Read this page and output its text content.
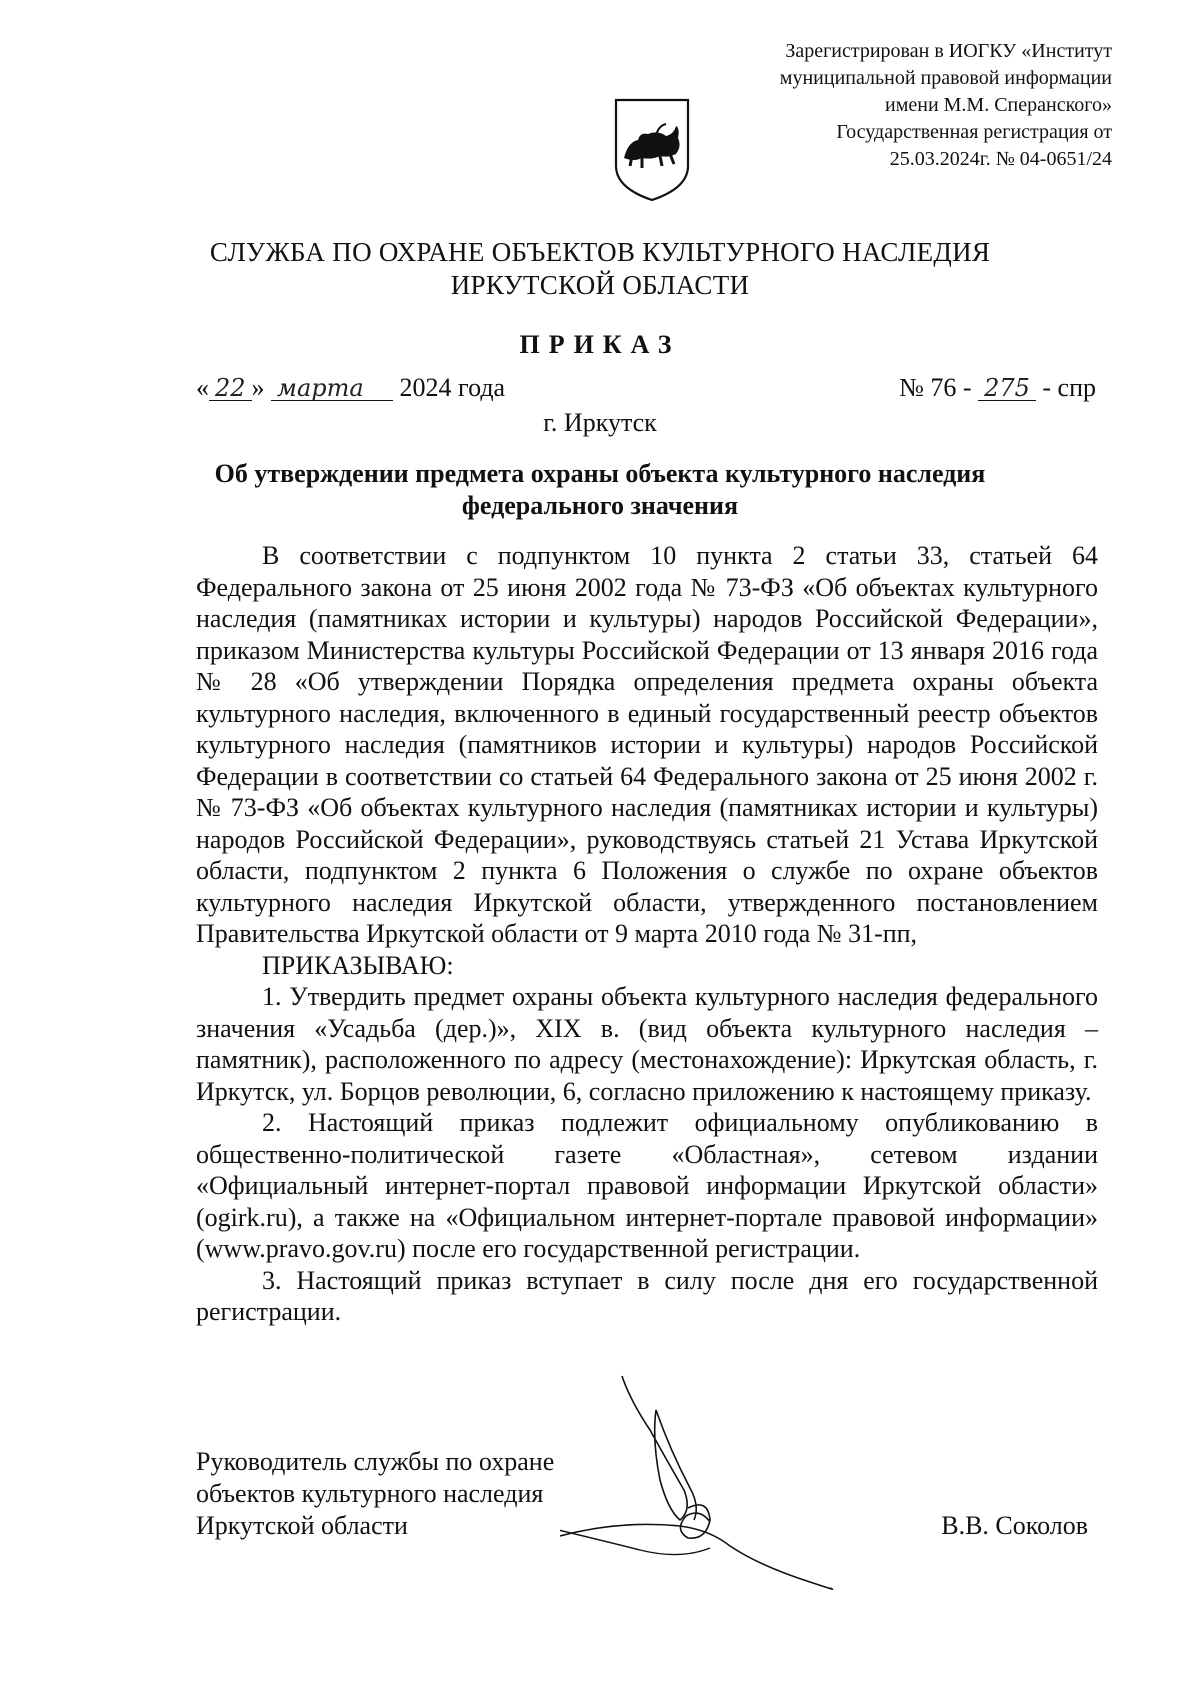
Зарегистрирован в ИОГКУ «Институт
муниципальной правовой информации
имени М.М. Сперанского»
Государственная регистрация от
25.03.2024г. № 04-0651/24
СЛУЖБА ПО ОХРАНЕ ОБЪЕКТОВ КУЛЬТУРНОГО НАСЛЕДИЯ
ИРКУТСКОЙ ОБЛАСТИ
ПРИКАЗ
« 22 » марта 2024 года	№ 76 - 275 - спр
г. Иркутск
Об утверждении предмета охраны объекта культурного наследия
федерального значения

В соответствии с подпунктом 10 пункта 2 статьи 33, статьей 64 Федерального закона от 25 июня 2002 года № 73-ФЗ «Об объектах культурного наследия (памятниках истории и культуры) народов Российской Федерации», приказом Министерства культуры Российской Федерации от 13 января 2016 года № 28 «Об утверждении Порядка определения предмета охраны объекта культурного наследия, включенного в единый государственный реестр объектов культурного наследия (памятников истории и культуры) народов Российской Федерации в соответствии со статьей 64 Федерального закона от 25 июня 2002 г. № 73-ФЗ «Об объектах культурного наследия (памятниках истории и культуры) народов Российской Федерации», руководствуясь статьей 21 Устава Иркутской области, подпунктом 2 пункта 6 Положения о службе по охране объектов культурного наследия Иркутской области, утвержденного постановлением Правительства Иркутской области от 9 марта 2010 года № 31-пп,

ПРИКАЗЫВАЮ:

1. Утвердить предмет охраны объекта культурного наследия федерального значения «Усадьба (дер.)», XIX в. (вид объекта культурного наследия – памятник), расположенного по адресу (местонахождение): Иркутская область, г. Иркутск, ул. Борцов революции, 6, согласно приложению к настоящему приказу.

2. Настоящий приказ подлежит официальному опубликованию в общественно-политической газете «Областная», сетевом издании «Официальный интернет-портал правовой информации Иркутской области» (ogirk.ru), а также на «Официальном интернет-портале правовой информации» (www.pravo.gov.ru) после его государственной регистрации.

3. Настоящий приказ вступает в силу после дня его государственной регистрации.

Руководитель службы по охране
объектов культурного наследия
Иркутской области	В.В. Соколов
